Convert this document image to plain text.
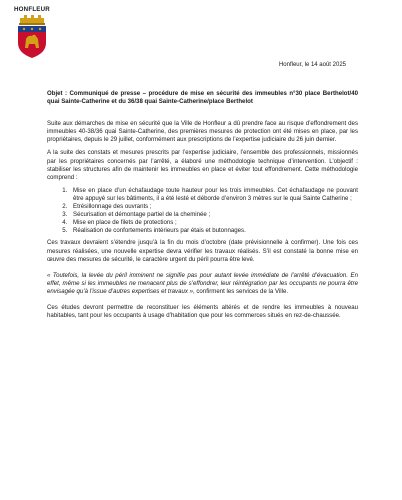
HONFLEUR
Honfleur, le 14 août 2025

Objet : Communiqué de presse – procédure de mise en sécurité des immeubles n°30 place Berthelot/40 quai Sainte-Catherine et du 36/38 quai Sainte-Catherine/place Berthelot

Suite aux démarches de mise en sécurité que la Ville de Honfleur a dû prendre face au risque d’effondrement des immeubles 40-38/36 quai Sainte-Catherine, des premières mesures de protection ont été mises en place, par les propriétaires, depuis le 29 juillet, conformément aux prescriptions de l’expertise judiciaire du 26 juin dernier.

A la suite des constats et mesures prescrits par l’expertise judiciaire, l’ensemble des professionnels, missionnés par les propriétaires concernés par l’arrêté, a élaboré une méthodologie technique d’intervention. L’objectif : stabiliser les structures afin de maintenir les immeubles en place et éviter tout effondrement. Cette méthodologie comprend :

1. Mise en place d’un échafaudage toute hauteur pour les trois immeubles. Cet échafaudage ne pouvant être appuyé sur les bâtiments, il a été lesté et déborde d’environ 3 mètres sur le quai Sainte Catherine ;
2. Etrésillonnage des ouvrants ;
3. Sécurisation et démontage partiel de la cheminée ;
4. Mise en place de filets de protections ;
5. Réalisation de confortements intérieurs par étais et butonnages.

Ces travaux devraient s’étendre jusqu’à la fin du mois d’octobre (date prévisionnelle à confirmer). Une fois ces mesures réalisées, une nouvelle expertise devra vérifier les travaux réalisés. S’il est constaté la bonne mise en œuvre des mesures de sécurité, le caractère urgent du péril pourra être levé.

« Toutefois, la levée du péril imminent ne signifie pas pour autant levée immédiate de l’arrêté d’évacuation. En effet, même si les immeubles ne menacent plus de s’effondrer, leur réintégration par les occupants ne pourra être envisagée qu’à l’issue d’autres expertises et travaux », confirment les services de la Ville.

Ces études devront permettre de reconstituer les éléments altérés et de rendre les immeubles à nouveau habitables, tant pour les occupants à usage d’habitation que pour les commerces situés en rez-de-chaussée.
